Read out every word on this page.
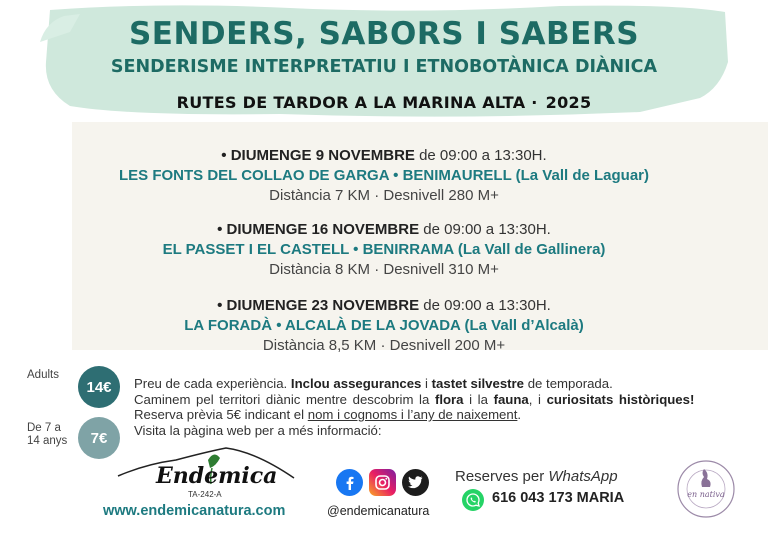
SENDERS, SABORS I SABERS
SENDERISME INTERPRETATIU I ETNOBOTÀNICA DIÀNICA
RUTES DE TARDOR A LA MARINA ALTA · 2025
• DIUMENGE 9 NOVEMBRE de 09:00 a 13:30H.
LES FONTS DEL COLLAO DE GARGA • BENIMAURELL (La Vall de Laguar)
Distància 7 KM · Desnivell 280 M+
• DIUMENGE 16 NOVEMBRE de 09:00 a 13:30H.
EL PASSET I EL CASTELL • BENIRRAMA (La Vall de Gallinera)
Distància 8 KM · Desnivell 310 M+
• DIUMENGE 23 NOVEMBRE de 09:00 a 13:30H.
LA FORADÀ • ALCALÀ DE LA JOVADA (La Vall d’Alcalà)
Distància 8,5 KM · Desnivell 200 M+
Adults
14€
De 7 a
14 anys	7€
Preu de cada experiència. Inclou assegurances i tastet silvestre de temporada.
Caminem pel territori diànic mentre descobrim la flora i la fauna, i curiositats històriques!  Reserva prèvia 5€ indicant el nom i cognoms i l’any de naixement.
Visita la pàgina web per a més informació:
Endemica
TA-242-A
www.endemicanatura.com	@endemicanatura
Reserves per WhatsApp
616 043 173 MARIA	en nativa
